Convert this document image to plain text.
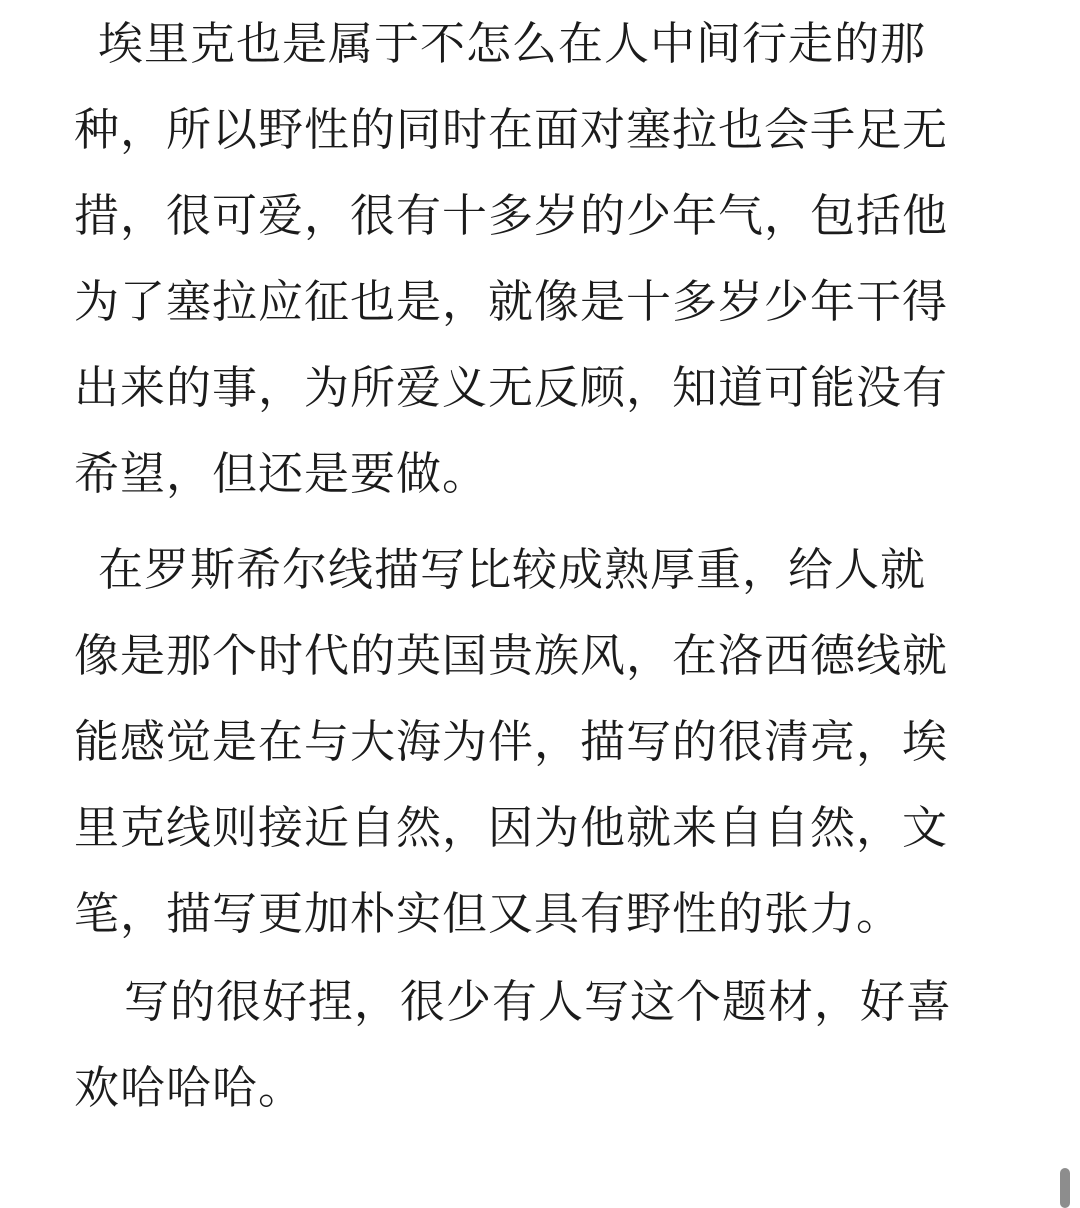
埃里克也是属于不怎么在人中间行走的那
种，所以野性的同时在面对塞拉也会手足无
措，很可爱，很有十多岁的少年气，包括他
为了塞拉应征也是，就像是十多岁少年干得
出来的事，为所爱义无反顾，知道可能没有
希望，但还是要做。
在罗斯希尔线描写比较成熟厚重，给人就
像是那个时代的英国贵族风，在洛西德线就
能感觉是在与大海为伴，描写的很清亮，埃
里克线则接近自然，因为他就来自自然，文
笔，描写更加朴实但又具有野性的张力。
写的很好捏，很少有人写这个题材，好喜
欢哈哈哈。
